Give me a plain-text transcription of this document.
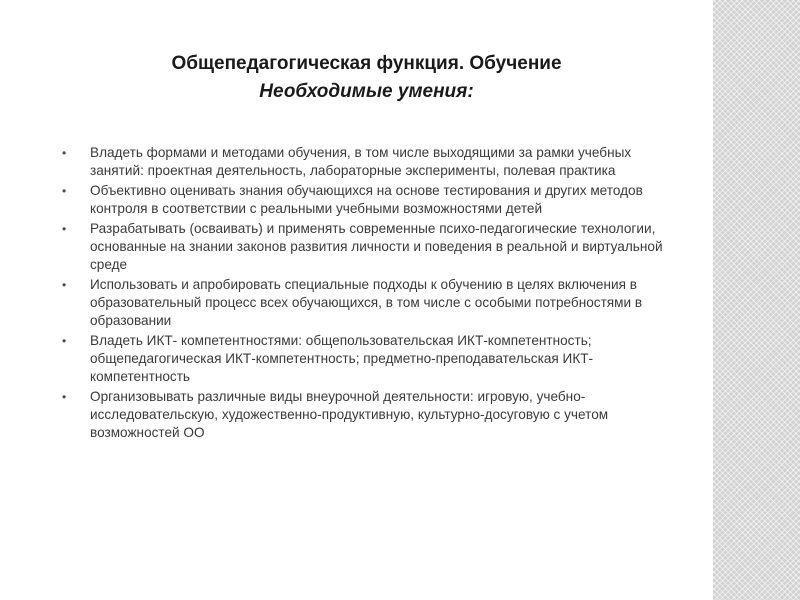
Общепедагогическая функция. Обучение
Необходимые умения:
•	Владеть формами и методами обучения, в том числе выходящими за рамки учебных занятий: проектная деятельность, лабораторные эксперименты, полевая практика
•	Объективно оценивать знания обучающихся на основе тестирования и других методов контроля в соответствии с реальными учебными возможностями детей
•	Разрабатывать (осваивать) и применять современные психо-педагогические технологии, основанные на знании законов развития личности и поведения в реальной и виртуальной среде
•	Использовать и апробировать специальные подходы к обучению в целях включения в образовательный процесс всех обучающихся, в том числе с особыми потребностями в образовании
•	Владеть ИКТ- компетентностями: общепользовательская ИКТ-компетентность; общепедагогическая ИКТ-компетентность; предметно-преподавательская ИКТ-компетентность
•	Организовывать различные виды внеурочной деятельности: игровую, учебно-исследовательскую, художественно-продуктивную, культурно-досуговую с учетом возможностей ОО
